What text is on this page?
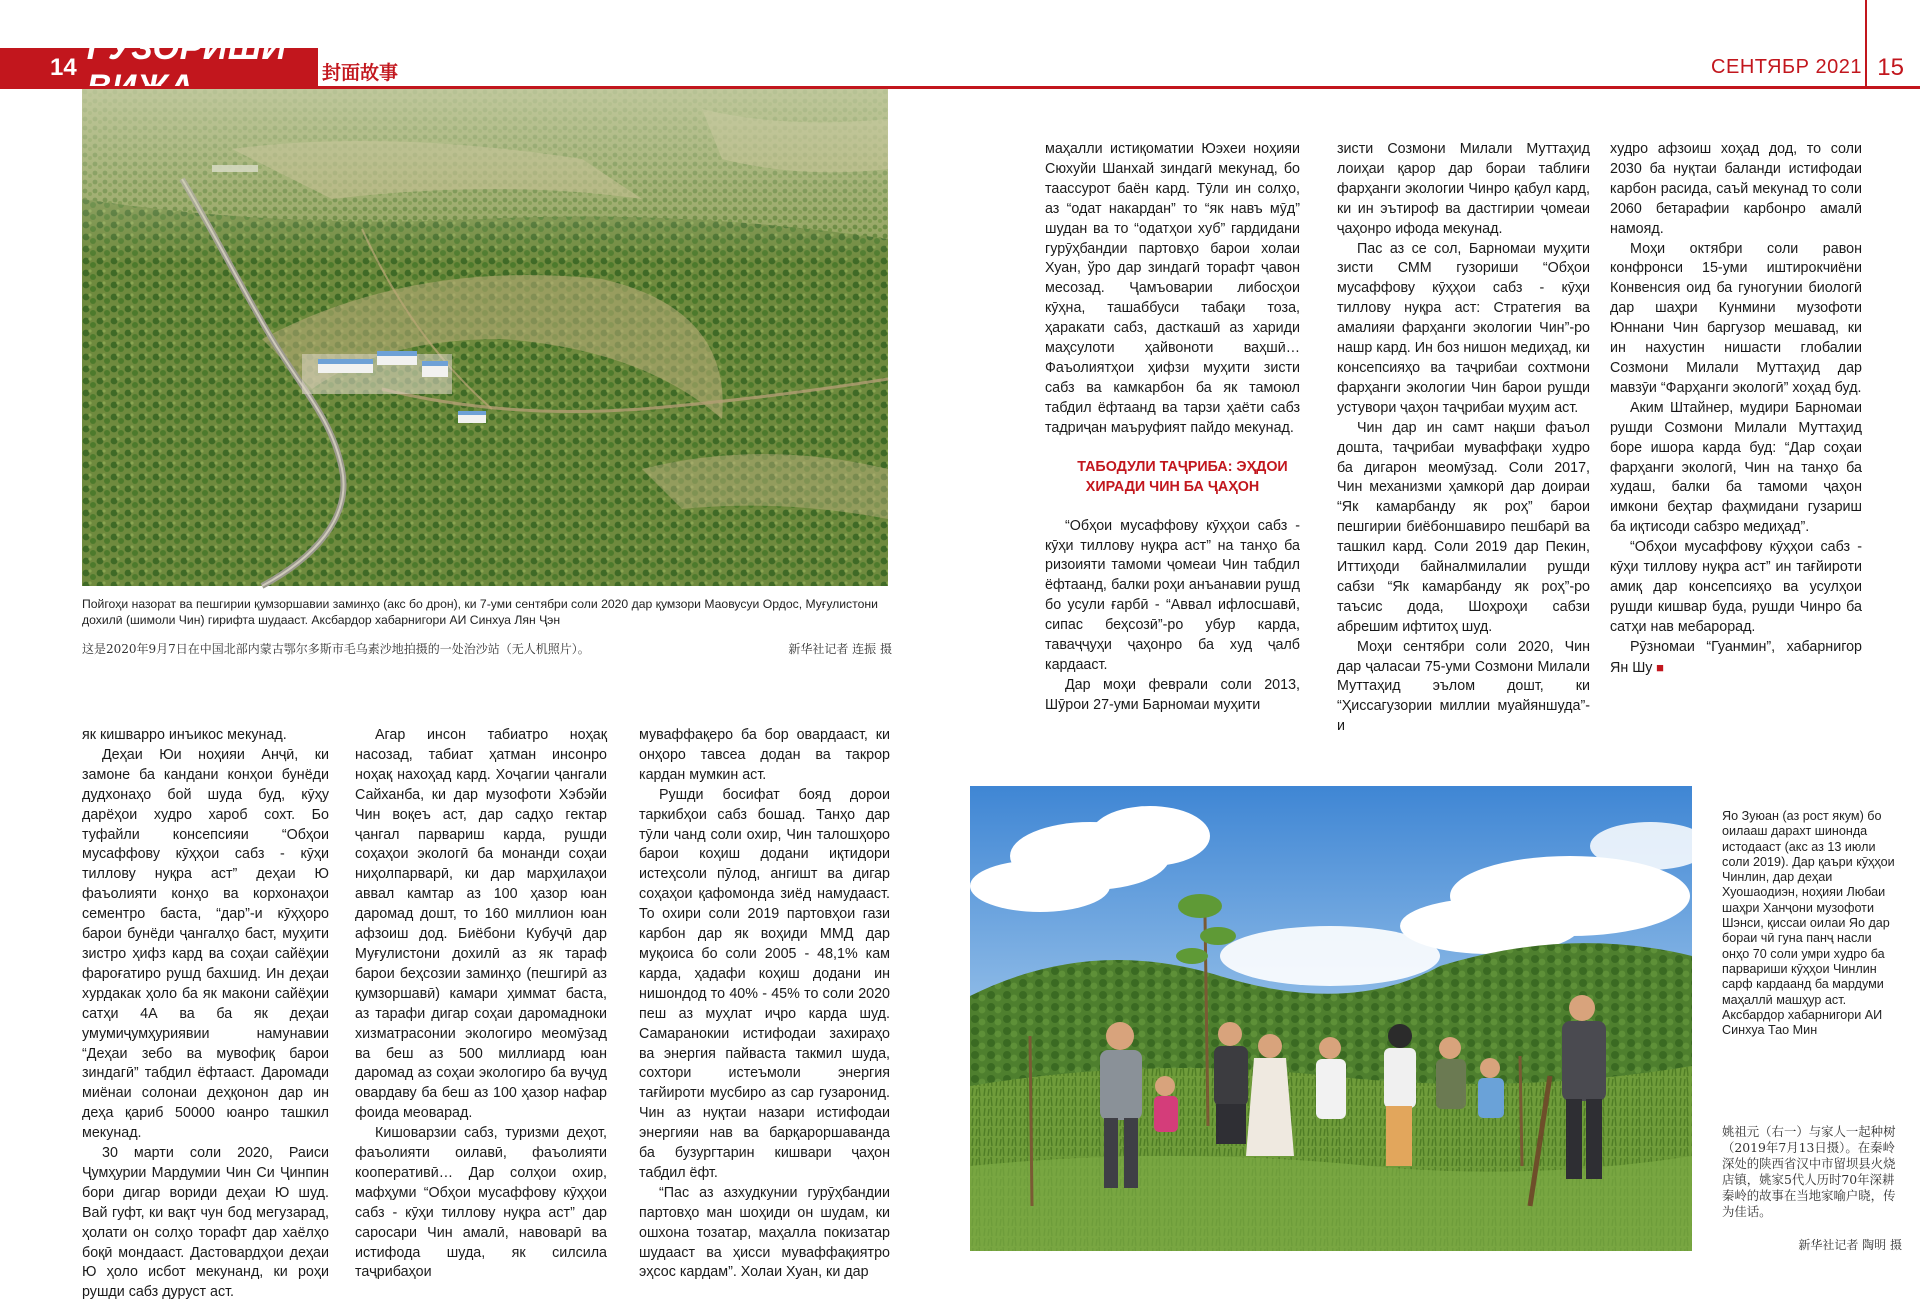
14
ГУЗОРИШИ
封面故事	СЕНТЯБР 2021 15
Пойгоҳи назорат ва пешгирии қумзоршавии заминҳо (акс бо дрон), ки 7-уми сентябри соли 2020 дар қумзори Маовусуи Ордос, Муғулистони дохилӣ (шимоли Чин) гирифта шудааст. Аксбардор хабарнигори АИ Синхуа Лян Ҷэн
这是2020年9月7日在中国北部内蒙古鄂尔多斯市毛乌素沙地拍摄的一处治沙站（无人机照片）。	新华社记者 连振 摄
Яо Зуюан (аз рост якум) бо оилааш дарахт шинонда истодааст (акс аз 13 июли соли 2019). Дар қаъри кӯҳҳои Чинлин, дар деҳаи Хуошаодиэн, ноҳияи Любаи шаҳри Ханҷони музофоти Шэнси, қиссаи оилаи Яо дар бораи чӣ гуна панҷ насли онҳо 70 соли умри худро ба парвариши кӯҳҳои Чинлин сарф кардаанд ба мардуми маҳаллӣ машҳур аст. Аксбардор хабарнигори АИ Синхуа Тао Мин
姚祖元（右一）与家人一起种树（2019年7月13日摄）。在秦岭深处的陕西省汉中市留坝县火烧店镇，姚家5代人历时70年深耕秦岭的故事在当地家喻户晓，传为佳话。
新华社记者 陶明 摄

як кишварро инъикос мекунад.

Деҳаи Юи ноҳияи Анҷӣ, ки замоне ба кандани конҳои бунёди дудхонаҳо бой шуда буд, кӯҳу дарёҳои худро хароб сохт. Бо туфайли консепсияи “Обҳои мусаффову кӯҳҳои сабз - кӯҳи тиллову нуқра аст” деҳаи Ю фаъолияти конҳо ва корхонаҳои сементро баста, “дар”-и кӯҳҳоро барои бунёди ҷангалҳо баст, муҳити зистро ҳифз кард ва соҳаи сайёҳии фароғатиро рушд бахшид. Ин деҳаи хурдакак ҳоло ба як макони сайёҳии сатҳи 4А ва ба як деҳаи умумиҷумҳуриявии намунавии “Деҳаи зебо ва мувофиқ барои зиндагӣ” табдил ёфтааст. Даромади миёнаи солонаи деҳқонон дар ин деҳа қариб 50000 юанро ташкил мекунад.

30 марти соли 2020, Раиси Ҷумҳурии Мардумии Чин Си Ҷинпин бори дигар вориди деҳаи Ю шуд. Вай гуфт, ки вақт чун бод мегузарад, ҳолати он солҳо торафт дар хаёлҳо боқӣ мондааст. Дастовардҳои деҳаи Ю ҳоло исбот мекунанд, ки роҳи рушди сабз дуруст аст.

Агар инсон табиатро ноҳақ насозад, табиат ҳатман инсонро ноҳақ нахоҳад кард. Хоҷагии ҷангали Сайханба, ки дар музофоти Хэбэйи Чин воқеъ аст, дар садҳо гектар ҷангал парвариш карда, рушди соҳаҳои экологӣ ба монанди соҳаи ниҳолпарварӣ, ки дар марҳилаҳои аввал камтар аз 100 ҳазор юан даромад дошт, то 160 миллион юан афзоиш дод. Биёбони Кубуҷӣ дар Муғулистони дохилӣ аз як тараф барои беҳсозии заминҳо (пешгирӣ аз қумзоршавӣ) камари ҳиммат баста, аз тарафи дигар соҳаи даромадноки хизматрасонии экологиро меомӯзад ва беш аз 500 миллиард юан даромад аз соҳаи экологиро ба вуҷуд овардаву ба беш аз 100 ҳазор нафар фоида меоварад.

Кишоварзии сабз, туризми деҳот, фаъолияти оилавӣ, фаъолияти кооперативӣ… Дар солҳои охир, мафҳуми “Обҳои мусаффову кӯҳҳои сабз - кӯҳи тиллову нуқра аст” дар саросари Чин амалӣ, навоварӣ ва истифода шуда, як силсила таҷрибаҳои

муваффақеро ба бор овардааст, ки онҳоро тавсеа додан ва такрор кардан мумкин аст.

Рушди босифат бояд дорои таркибҳои сабз бошад. Танҳо дар тӯли чанд соли охир, Чин талошҳоро барои коҳиш додани иқтидори истеҳсоли пӯлод, ангишт ва дигар соҳаҳои қафомонда зиёд намудааст. То охири соли 2019 партовҳои гази карбон дар як воҳиди ММД дар муқоиса бо соли 2005 - 48,1% кам карда, ҳадафи коҳиш додани ин нишондод то 40% - 45% то соли 2020 пеш аз муҳлат иҷро карда шуд. Самаранокии истифодаи захираҳо ва энергия пайваста такмил шуда, сохтори истеъмоли энергия тағйироти мусбиро аз сар гузаронид. Чин аз нуқтаи назари истифодаи энергияи нав ва барқароршаванда ба бузургтарин кишвари ҷаҳон табдил ёфт.

“Пас аз азхудкунии гурӯҳбандии партовҳо ман шоҳиди он шудам, ки ошхона тозатар, маҳалла покизатар шудааст ва ҳисси муваффақиятро эҳсос кардам”. Холаи Хуан, ки дар

маҳалли истиқоматии Юэхеи ноҳияи Сюхуйи Шанхай зиндагӣ мекунад, бо таассурот баён кард. Тӯли ин солҳо, аз “одат накардан” то “як навъ мӯд” шудан ва то “одатҳои хуб” гардидани гурӯҳбандии партовҳо барои холаи Хуан, ўро дар зиндагӣ торафт ҷавон месозад. Ҷамъоварии либосҳои кӯҳна, ташаббуси табақи тоза, ҳаракати сабз, дасткашӣ аз хариди маҳсулоти ҳайвоноти ваҳшӣ… Фаъолиятҳои ҳифзи муҳити зисти сабз ва камкарбон ба як тамоюл табдил ёфтаанд ва тарзи ҳаёти сабз тадриҷан маъруфият пайдо мекунад.

ТАБОДУЛИ ТАҶРИБА: ЭҲДОИ ХИРАДИ ЧИН БА ҶАҲОН

“Обҳои мусаффову кӯҳҳои сабз - кӯҳи тиллову нуқра аст” на танҳо ба ризоияти тамоми ҷомеаи Чин табдил ёфтаанд, балки роҳи анъанавии рушд бо усули ғарбӣ - “Аввал ифлосшавӣ, сипас беҳсозӣ”-ро убур карда, таваҷҷуҳи ҷаҳонро ба худ ҷалб кардааст.

Дар моҳи феврали соли 2013, Шӯрои 27-уми Барномаи муҳити

зисти Созмони Милали Муттаҳид лоиҳаи қарор дар бораи таблиғи фарҳанги экологии Чинро қабул кард, ки ин эътироф ва дастгирии ҷомеаи ҷаҳонро ифода мекунад.

Пас аз се сол, Барномаи муҳити зисти СММ гузориши “Обҳои мусаффову кӯҳҳои сабз - кӯҳи тиллову нуқра аст: Стратегия ва амалияи фарҳанги экологии Чин”-ро нашр кард. Ин боз нишон медиҳад, ки консепсияҳо ва таҷрибаи сохтмони фарҳанги экологии Чин барои рушди устувори ҷаҳон таҷрибаи муҳим аст.

Чин дар ин самт нақши фаъол дошта, таҷрибаи муваффақи худро ба дигарон меомӯзад. Соли 2017, Чин механизми ҳамкорӣ дар доираи “Як камарбанду як роҳ” барои пешгирии биёбоншавиро пешбарӣ ва ташкил кард. Соли 2019 дар Пекин, Иттиҳоди байналмилалии рушди сабзи “Як камарбанду як роҳ”-ро таъсис дода, Шоҳроҳи сабзи абрешим ифтитоҳ шуд.

Моҳи сентябри соли 2020, Чин дар ҷаласаи 75-уми Созмони Милали Муттаҳид эълом дошт, ки “Ҳиссагузории миллии муайяншуда”-и

худро афзоиш хоҳад дод, то соли 2030 ба нуқтаи баланди истифодаи карбон расида, саъй мекунад то соли 2060 бетарафии карбонро амалӣ намояд.

Моҳи октябри соли равон конфронси 15-уми иштирокчиёни Конвенсия оид ба гуногунии биологӣ дар шаҳри Кунмини музофоти Юннани Чин баргузор мешавад, ки ин нахустин нишасти глобалии Созмони Милали Муттаҳид дар мавзӯи “Фарҳанги экологӣ” хоҳад буд.

Аким Штайнер, мудири Барномаи рушди Созмони Милали Муттаҳид боре ишора карда буд: “Дар соҳаи фарҳанги экологӣ, Чин на танҳо ба худаш, балки ба тамоми ҷаҳон имкони беҳтар фаҳмидани гузариш ба иқтисоди сабзро медиҳад”.

“Обҳои мусаффову кӯҳҳои сабз - кӯҳи тиллову нуқра аст” ин тағйироти амиқ дар консепсияҳо ва усулҳои рушди кишвар буда, рушди Чинро ба сатҳи нав мебарорад.

Рӯзномаи “Гуанмин”, хабарнигор Ян Шу ■
